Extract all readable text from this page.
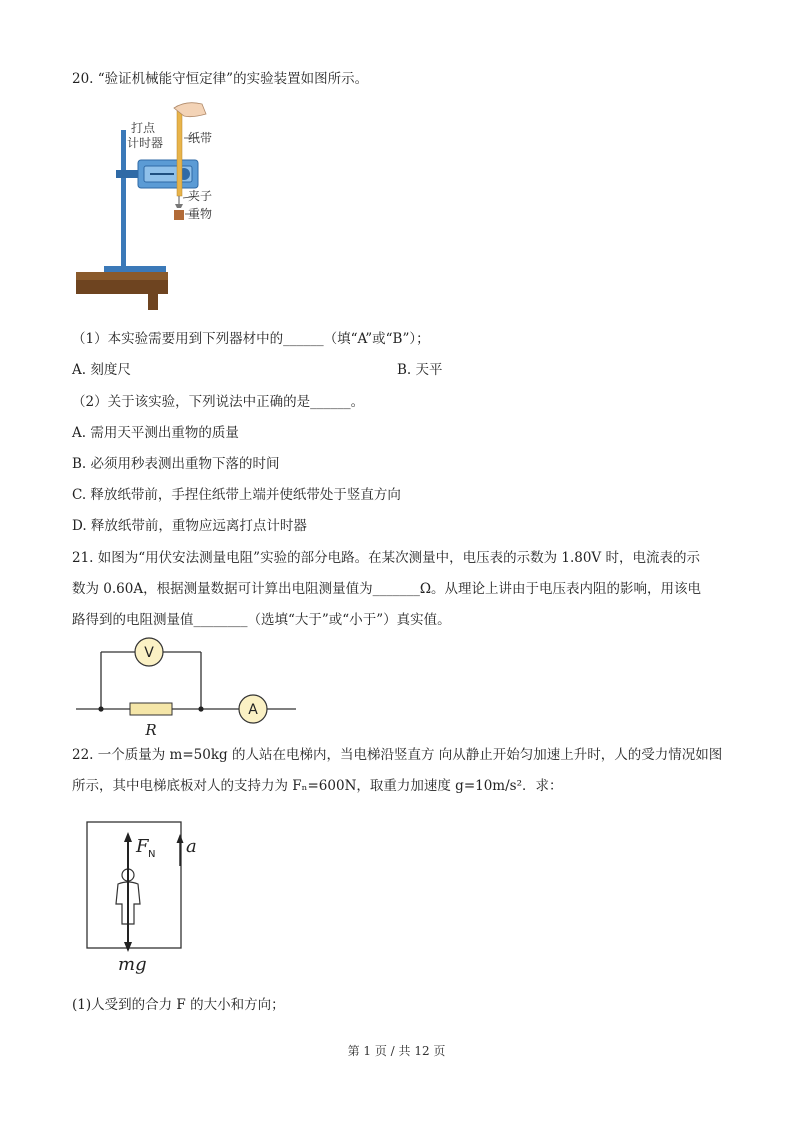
20. “验证机械能守恒定律”的实验装置如图所示。
打点
计时器 纸带
夹子
重物
（1）本实验需要用到下列器材中的______（填“A”或“B”）；
A. 刻度尺	B. 天平
（2）关于该实验，下列说法中正确的是______。
A. 需用天平测出重物的质量
B. 必须用秒表测出重物下落的时间
C. 释放纸带前，手捏住纸带上端并使纸带处于竖直方向
D. 释放纸带前，重物应远离打点计时器
21. 如图为“用伏安法测量电阻”实验的部分电路。在某次测量中，电压表的示数为 1.80V 时，电流表的示
数为 0.60A，根据测量数据可计算出电阻测量值为_______Ω。从理论上讲由于电压表内阻的影响，用该电
路得到的电阻测量值________（选填“大于”或“小于”）真实值。
V
A
R
22. 一个质量为 m=50kg 的人站在电梯内，当电梯沿竖直方 向从静止开始匀加速上升时，人的受力情况如图
所示，其中电梯底板对人的支持力为 Fₙ=600N，取重力加速度 g=10m/s²．求：
F N a
mg
(1)人受到的合力 F 的大小和方向；
第 1 页 / 共 12 页
